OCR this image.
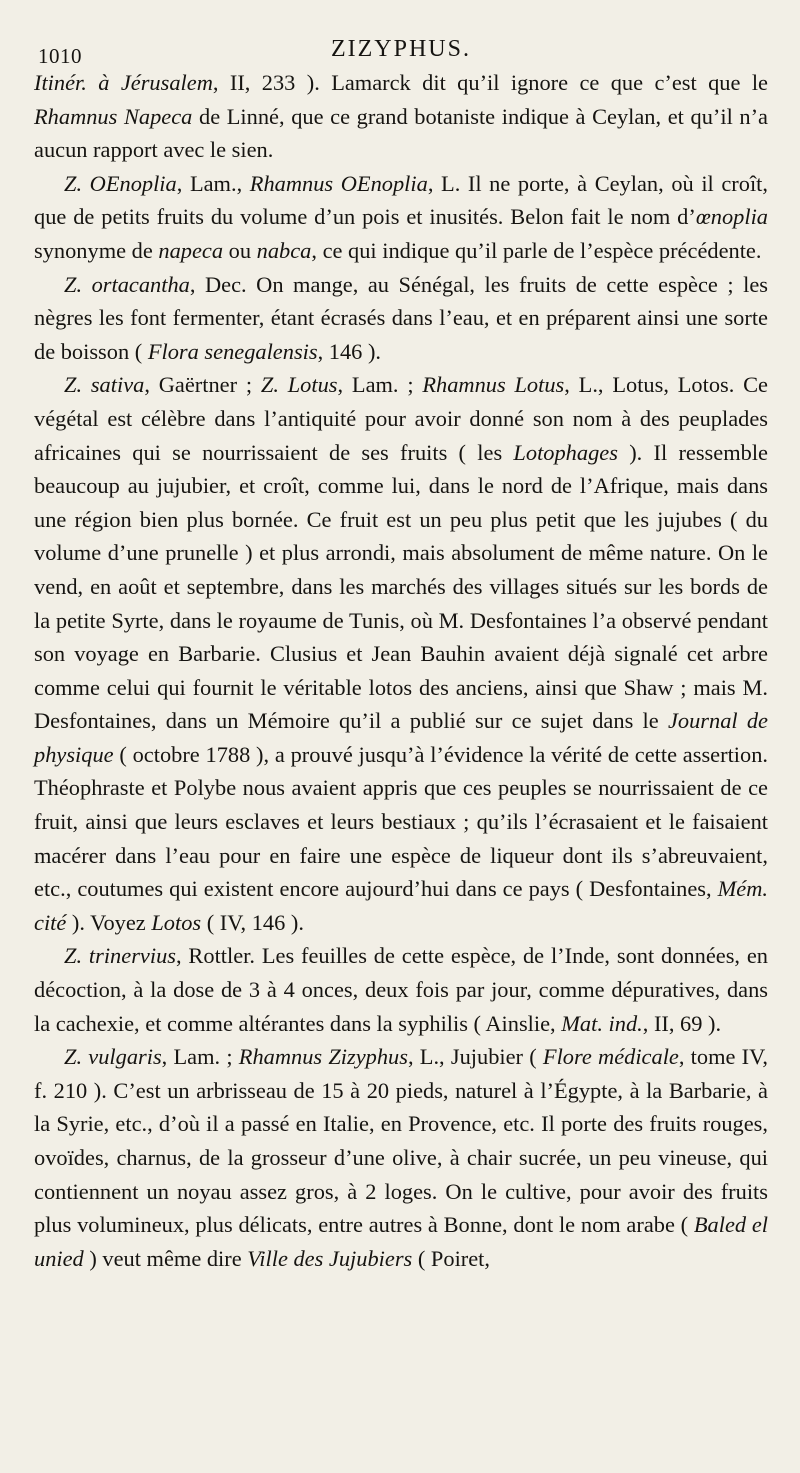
1010	ZIZYPHUS.

Itinér. à Jérusalem, II, 233 ). Lamarck dit qu’il ignore ce que c’est que le Rhamnus Napeca de Linné, que ce grand botaniste indique à Ceylan, et qu’il n’a aucun rapport avec le sien.

Z. OEnoplia, Lam., Rhamnus OEnoplia, L. Il ne porte, à Ceylan, où il croît, que de petits fruits du volume d’un pois et inusités. Belon fait le nom d’œnoplia synonyme de napeca ou nabca, ce qui indique qu’il parle de l’espèce précédente.

Z. ortacantha, Dec. On mange, au Sénégal, les fruits de cette espèce ; les nègres les font fermenter, étant écrasés dans l’eau, et en préparent ainsi une sorte de boisson ( Flora senegalensis, 146 ).

Z. sativa, Gaërtner ; Z. Lotus, Lam. ; Rhamnus Lotus, L., Lotus, Lotos. Ce végétal est célèbre dans l’antiquité pour avoir donné son nom à des peuplades africaines qui se nourrissaient de ses fruits ( les Lotophages ). Il ressemble beaucoup au jujubier, et croît, comme lui, dans le nord de l’Afrique, mais dans une région bien plus bornée. Ce fruit est un peu plus petit que les jujubes ( du volume d’une prunelle ) et plus arrondi, mais absolument de même nature. On le vend, en août et septembre, dans les marchés des villages situés sur les bords de la petite Syrte, dans le royaume de Tunis, où M. Desfontaines l’a observé pendant son voyage en Barbarie. Clusius et Jean Bauhin avaient déjà signalé cet arbre comme celui qui fournit le véritable lotos des anciens, ainsi que Shaw ; mais M. Desfontaines, dans un Mémoire qu’il a publié sur ce sujet dans le Journal de physique ( octobre 1788 ), a prouvé jusqu’à l’évidence la vérité de cette assertion. Théophraste et Polybe nous avaient appris que ces peuples se nourrissaient de ce fruit, ainsi que leurs esclaves et leurs bestiaux ; qu’ils l’écrasaient et le faisaient macérer dans l’eau pour en faire une espèce de liqueur dont ils s’abreuvaient, etc., coutumes qui existent encore aujourd’hui dans ce pays ( Desfontaines, Mém. cité ). Voyez Lotos ( IV, 146 ).

Z. trinervius, Rottler. Les feuilles de cette espèce, de l’Inde, sont données, en décoction, à la dose de 3 à 4 onces, deux fois par jour, comme dépuratives, dans la cachexie, et comme altérantes dans la syphilis ( Ainslie, Mat. ind., II, 69 ).

Z. vulgaris, Lam. ; Rhamnus Zizyphus, L., Jujubier ( Flore médicale, tome IV, f. 210 ). C’est un arbrisseau de 15 à 20 pieds, naturel à l’Égypte, à la Barbarie, à la Syrie, etc., d’où il a passé en Italie, en Provence, etc. Il porte des fruits rouges, ovoïdes, charnus, de la grosseur d’une olive, à chair sucrée, un peu vineuse, qui contiennent un noyau assez gros, à 2 loges. On le cultive, pour avoir des fruits plus volumineux, plus délicats, entre autres à Bonne, dont le nom arabe ( Baled el unied ) veut même dire Ville des Jujubiers ( Poiret,
